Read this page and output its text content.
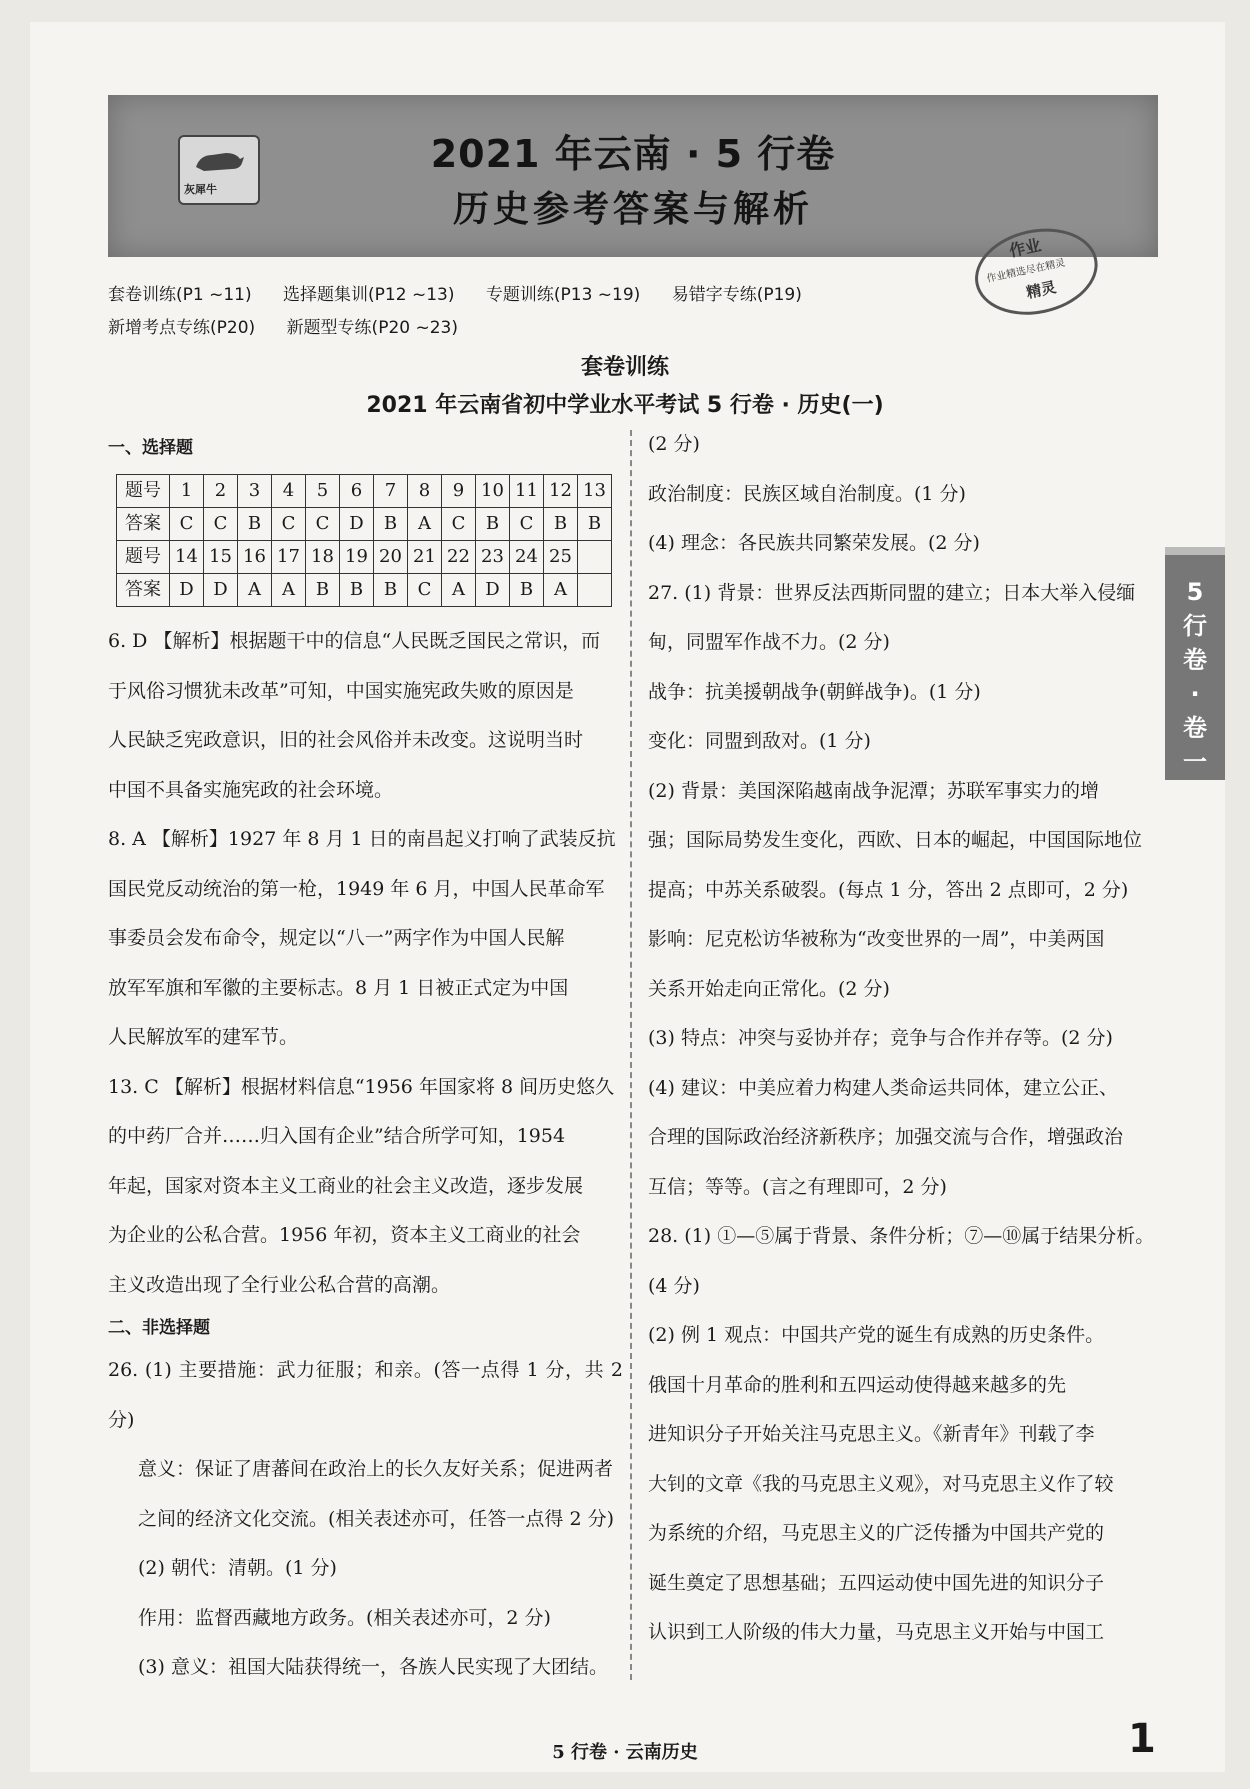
灰犀牛
2021 年云南 · 5 行卷
历史参考答案与解析
作业
作业精选尽在精灵
精灵
套卷训练(P1 ~11) 选择题集训(P12 ~13) 专题训练(P13 ~19) 易错字专练(P19)
新增考点专练(P20) 新题型专练(P20 ~23)
套卷训练
2021 年云南省初中学业水平考试 5 行卷 · 历史(一)
一、选择题
题号	1	2	3	4	5	6	7	8	9	10	11	12	13
答案	C	C	B	C	C	D	B	A	C	B	C	B	B
题号	14	15	16	17	18	19	20	21	22	23	24	25	
答案	D	D	A	A	B	B	B	C	A	D	B	A	
6. D 【解析】根据题干中的信息“人民既乏国民之常识，而
于风俗习惯犹未改革”可知，中国实施宪政失败的原因是
人民缺乏宪政意识，旧的社会风俗并未改变。这说明当时
中国不具备实施宪政的社会环境。
8. A 【解析】1927 年 8 月 1 日的南昌起义打响了武装反抗
国民党反动统治的第一枪，1949 年 6 月，中国人民革命军
事委员会发布命令，规定以“八一”两字作为中国人民解
放军军旗和军徽的主要标志。8 月 1 日被正式定为中国
人民解放军的建军节。
13. C 【解析】根据材料信息“1956 年国家将 8 间历史悠久
的中药厂合并……归入国有企业”结合所学可知，1954
年起，国家对资本主义工商业的社会主义改造，逐步发展
为企业的公私合营。1956 年初，资本主义工商业的社会
主义改造出现了全行业公私合营的高潮。
二、非选择题
26. (1) 主要措施：武力征服；和亲。(答一点得 1 分，共 2 分)
意义：保证了唐蕃间在政治上的长久友好关系；促进两者
之间的经济文化交流。(相关表述亦可，任答一点得 2 分)
(2) 朝代：清朝。(1 分)
作用：监督西藏地方政务。(相关表述亦可，2 分)
(3) 意义：祖国大陆获得统一，各族人民实现了大团结。
(2 分)
政治制度：民族区域自治制度。(1 分)
(4) 理念：各民族共同繁荣发展。(2 分)
27. (1) 背景：世界反法西斯同盟的建立；日本大举入侵缅
甸，同盟军作战不力。(2 分)
战争：抗美援朝战争(朝鲜战争)。(1 分)
变化：同盟到敌对。(1 分)
(2) 背景：美国深陷越南战争泥潭；苏联军事实力的增
强；国际局势发生变化，西欧、日本的崛起，中国国际地位
提高；中苏关系破裂。(每点 1 分，答出 2 点即可，2 分)
影响：尼克松访华被称为“改变世界的一周”，中美两国
关系开始走向正常化。(2 分)
(3) 特点：冲突与妥协并存；竞争与合作并存等。(2 分)
(4) 建议：中美应着力构建人类命运共同体，建立公正、
合理的国际政治经济新秩序；加强交流与合作，增强政治
互信；等等。(言之有理即可，2 分)
28. (1) ①—⑤属于背景、条件分析；⑦—⑩属于结果分析。
(4 分)
(2) 例 1 观点：中国共产党的诞生有成熟的历史条件。
俄国十月革命的胜利和五四运动使得越来越多的先
进知识分子开始关注马克思主义。《新青年》刊载了李
大钊的文章《我的马克思主义观》，对马克思主义作了较
为系统的介绍，马克思主义的广泛传播为中国共产党的
诞生奠定了思想基础；五四运动使中国先进的知识分子
认识到工人阶级的伟大力量，马克思主义开始与中国工
5
行
卷
·
卷
一
5 行卷 · 云南历史	1
